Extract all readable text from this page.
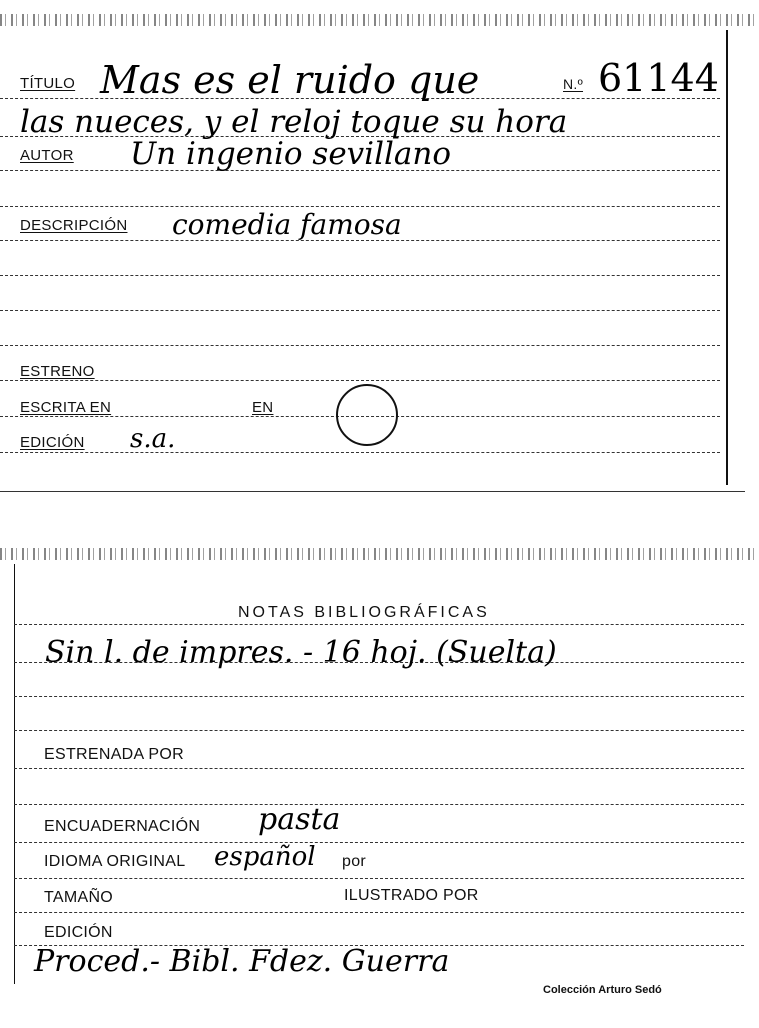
TÍTULO Mas es el ruido que	N.º 61144
las nueces, y el reloj toque su hora
AUTOR Un ingenio sevillano
DESCRIPCIÓN comedia famosa
ESTRENO
ESCRITA EN	EN
EDICIÓN s.a.
NOTAS BIBLIOGRÁFICAS
Sin l. de impres. - 16 hoj. (Suelta)
ESTRENADA POR
ENCUADERNACIÓN pasta
IDIOMA ORIGINAL español por
TAMAÑO	ILUSTRADO POR
EDICIÓN
Proced.- Bibl. Fdez. Guerra
Colección Arturo Sedó
